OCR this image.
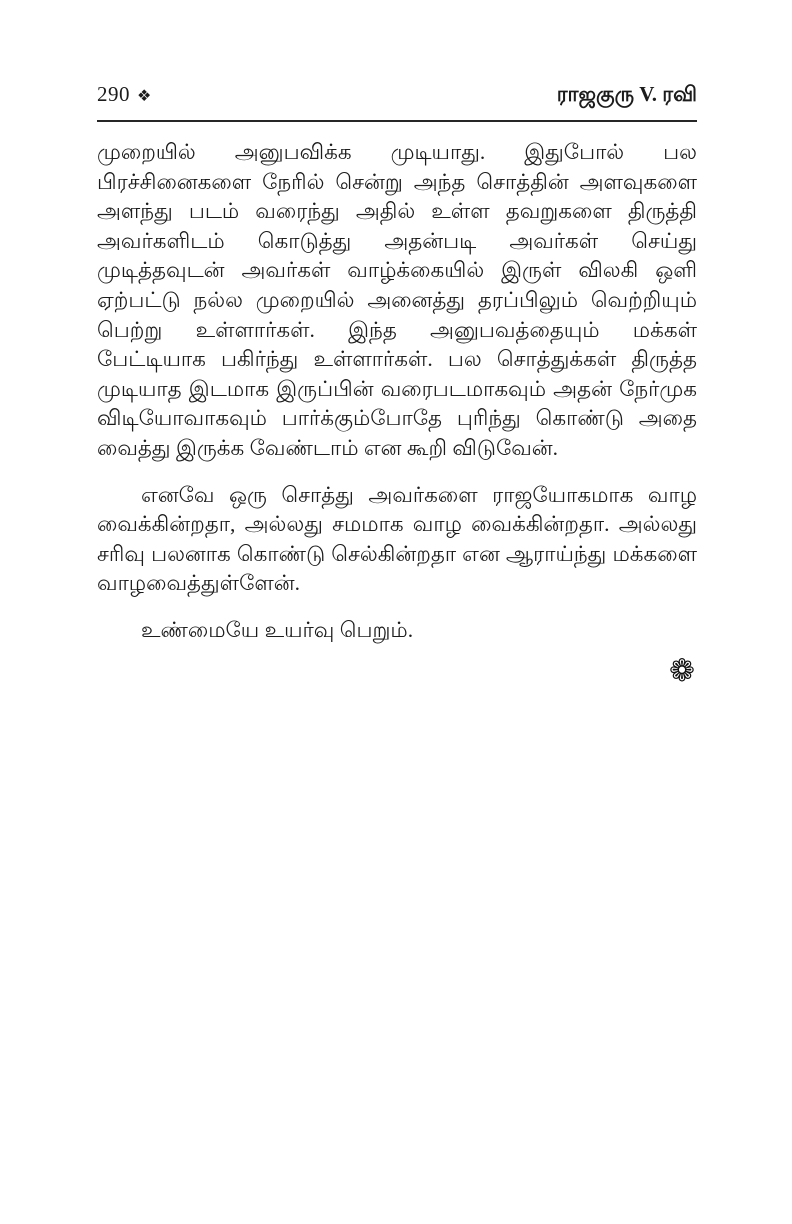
290 ❖	ராஜகுரு V. ரவி

முறையில் அனுபவிக்க முடியாது. இதுபோல் பல பிரச்சினைகளை நேரில் சென்று அந்த சொத்தின் அளவுகளை அளந்து படம் வரைந்து அதில் உள்ள தவறுகளை திருத்தி அவர்களிடம் கொடுத்து அதன்படி அவர்கள் செய்து முடித்தவுடன் அவர்கள் வாழ்க்கையில் இருள் விலகி ஒளி ஏற்பட்டு நல்ல முறையில் அனைத்து தரப்பிலும் வெற்றியும் பெற்று உள்ளார்கள். இந்த அனுபவத்தையும் மக்கள் பேட்டியாக பகிர்ந்து உள்ளார்கள். பல சொத்துக்கள் திருத்த முடியாத இடமாக இருப்பின் வரைபடமாகவும் அதன் நேர்முக விடியோவாகவும் பார்க்கும்போதே புரிந்து கொண்டு அதை வைத்து இருக்க வேண்டாம் என கூறி விடுவேன்.

எனவே ஒரு சொத்து அவர்களை ராஜயோகமாக வாழ வைக்கின்றதா, அல்லது சமமாக வாழ வைக்கின்றதா. அல்லது சரிவு பலனாக கொண்டு செல்கின்றதா என ஆராய்ந்து மக்களை வாழவைத்துள்ளேன்.

உண்மையே உயர்வு பெறும்.

❁
